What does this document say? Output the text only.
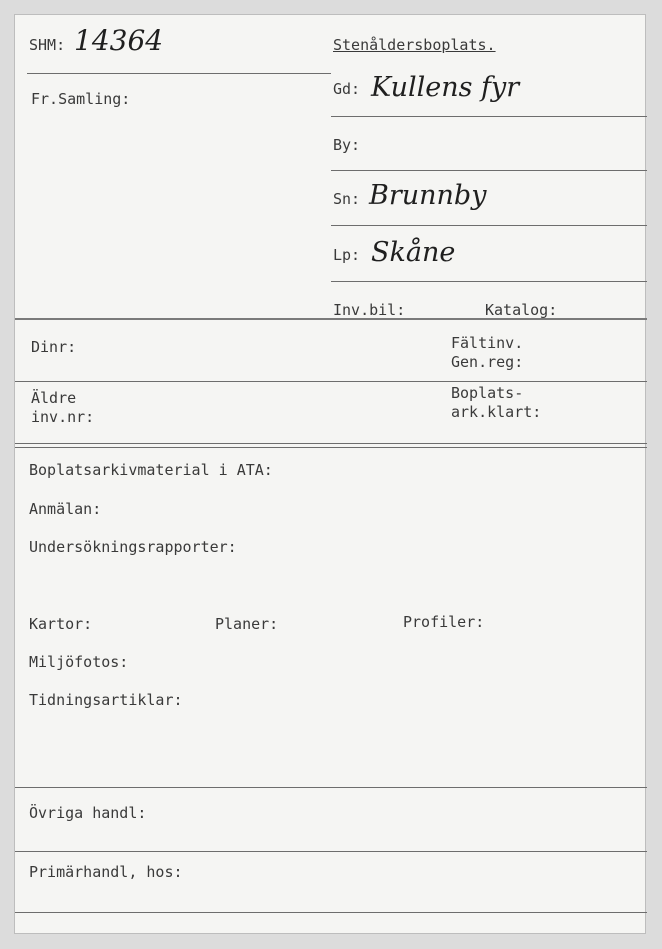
SHM: 14364	Stenåldersboplats.
Fr.Samling:
Gd: Kullens fyr
By:
Sn: Brunnby
Lp: Skåne
Inv.bil:	Katalog:
Dinr:	Fältinv.
Gen.reg:
Äldre
inv.nr:
Boplats-
ark.klart:
Boplatsarkivmaterial i ATA:
Anmälan:
Undersökningsrapporter:
Kartor:	Planer:	Profiler:
Miljöfotos:
Tidningsartiklar:
Övriga handl:
Primärhandl, hos:
